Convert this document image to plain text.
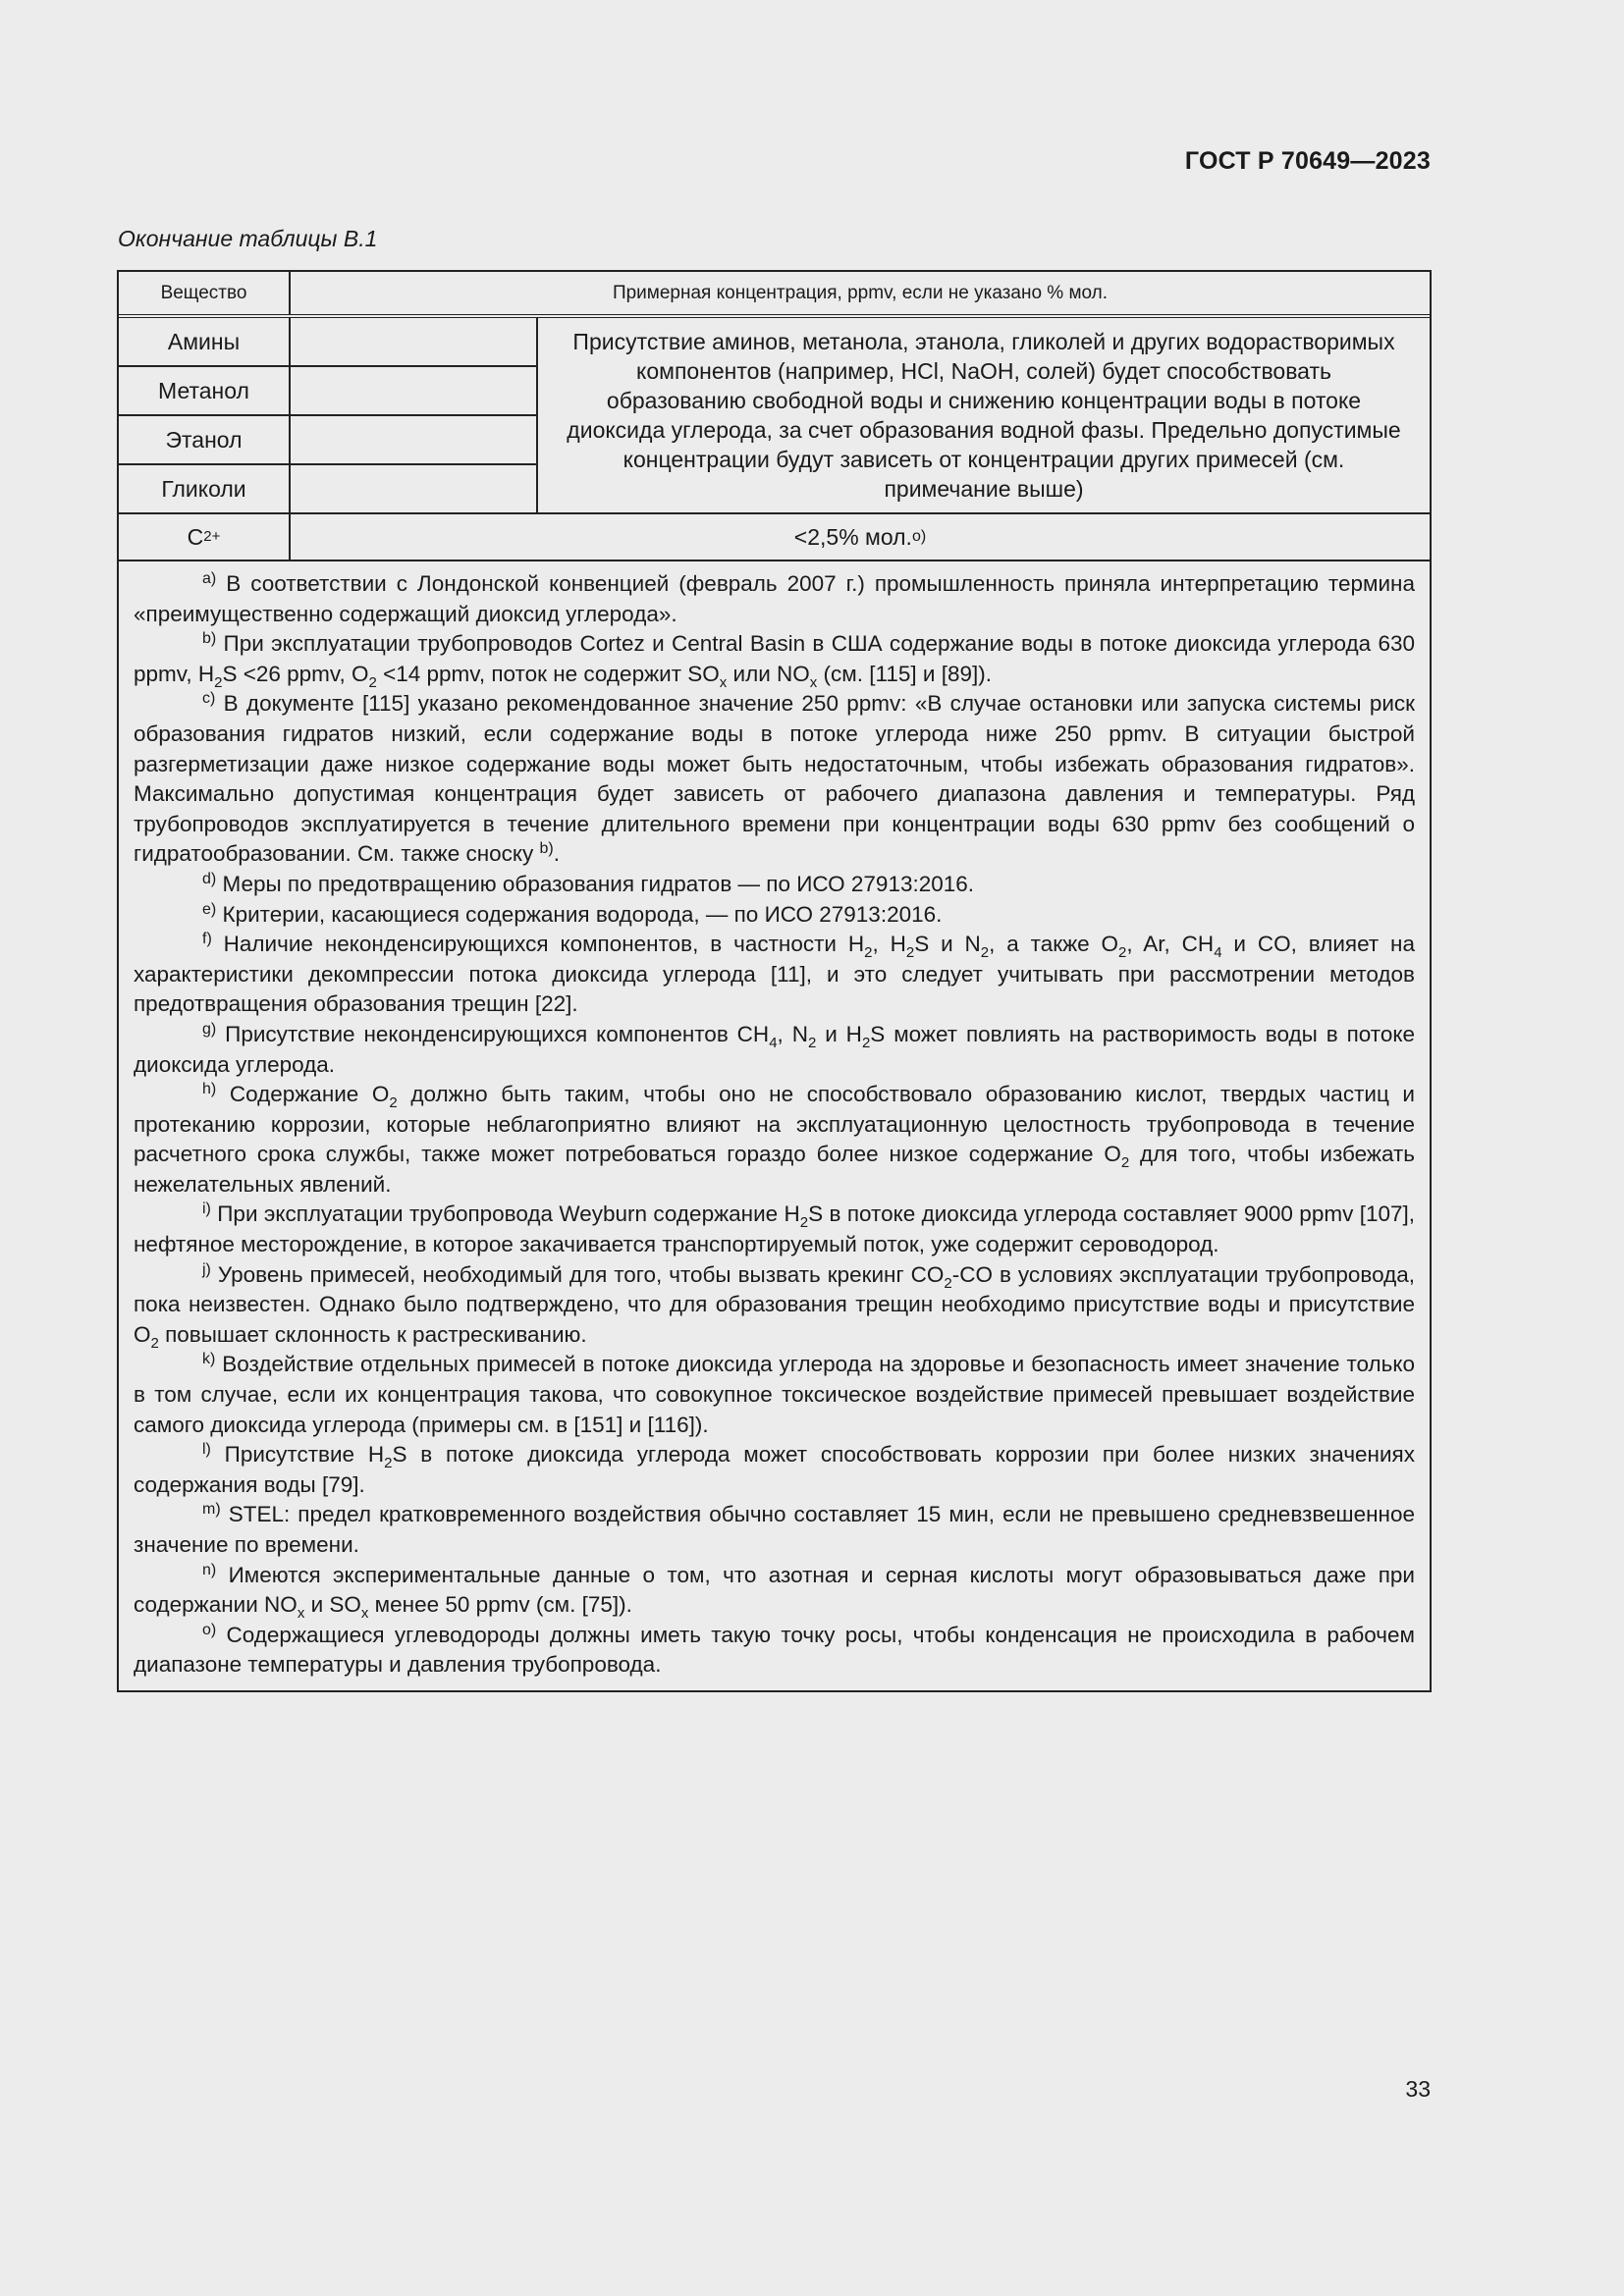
ГОСТ Р 70649—2023
Окончание таблицы В.1
Вещество	Примерная концентрация, ppmv, если не указано % мол.
Амины
Метанол
Этанол
Гликоли
Присутствие аминов, метанола, этанола, гликолей и других водорастворимых компонентов (например, HCl, NaOH, солей) будет способствовать образованию свободной воды и снижению концентрации воды в потоке диоксида углерода, за счет образования водной фазы. Предельно допустимые концентрации будут зависеть от концентрации других примесей (см. примечание выше)
C 2+	<2,5% мол. o)

$^{a)}$ В соответствии с Лондонской конвенцией (февраль 2007 г.) промышленность приняла интерпретацию термина «преимущественно содержащий диоксид углерода».

$^{b)}$ При эксплуатации трубопроводов Cortez и Central Basin в США содержание воды в потоке диоксида углерода 630 ppmv, $H_2S <26$ ppmv, $O_2 <14$ ppmv, поток не содержит $SO_x$ или $NO_x$ (см. [115] и [89]).

$^{c)}$ В документе [115] указано рекомендованное значение 250 ppmv: «В случае остановки или запуска системы риск образования гидратов низкий, если содержание воды в потоке углерода ниже 250 ppmv. В ситуации быстрой разгерметизации даже низкое содержание воды может быть недостаточным, чтобы избежать образования гидратов». Максимально допустимая концентрация будет зависеть от рабочего диапазона давления и температуры. Ряд трубопроводов эксплуатируется в течение длительного времени при концентрации воды 630 ppmv без сообщений о гидратообразовании. См. также сноску $^{b)}$.

$^{d)}$ Меры по предотвращению образования гидратов — по ИСО 27913:2016.

$^{e)}$ Критерии, касающиеся содержания водорода, — по ИСО 27913:2016.

$^{f)}$ Наличие неконденсирующихся компонентов, в частности $H_2$, $H_2S$ и $N_2$, а также $O_2$, Ar, $CH_4$ и CO, влияет на характеристики декомпрессии потока диоксида углерода [11], и это следует учитывать при рассмотрении методов предотвращения образования трещин [22].

$^{g)}$ Присутствие неконденсирующихся компонентов $CH_4$, $N_2$ и $H_2S$ может повлиять на растворимость воды в потоке диоксида углерода.

$^{h)}$ Содержание $O_2$ должно быть таким, чтобы оно не способствовало образованию кислот, твердых частиц и протеканию коррозии, которые неблагоприятно влияют на эксплуатационную целостность трубопровода в течение расчетного срока службы, также может потребоваться гораздо более низкое содержание $O_2$ для того, чтобы избежать нежелательных явлений.

$^{i)}$ При эксплуатации трубопровода Weyburn содержание $H_2S$ в потоке диоксида углерода составляет 9000 ppmv [107], нефтяное месторождение, в которое закачивается транспортируемый поток, уже содержит сероводород.

$^{j)}$ Уровень примесей, необходимый для того, чтобы вызвать крекинг $CO_2-CO$ в условиях эксплуатации трубопровода, пока неизвестен. Однако было подтверждено, что для образования трещин необходимо присутствие воды и присутствие $O_2$ повышает склонность к растрескиванию.

$^{k)}$ Воздействие отдельных примесей в потоке диоксида углерода на здоровье и безопасность имеет значение только в том случае, если их концентрация такова, что совокупное токсическое воздействие примесей превышает воздействие самого диоксида углерода (примеры см. в [151] и [116]).

$^{l)}$ Присутствие $H_2S$ в потоке диоксида углерода может способствовать коррозии при более низких значениях содержания воды [79].

$^{m)}$ STEL: предел кратковременного воздействия обычно составляет 15 мин, если не превышено средневзвешенное значение по времени.

$^{n)}$ Имеются экспериментальные данные о том, что азотная и серная кислоты могут образовываться даже при содержании $NO_x$ и $SO_x$ менее 50 ppmv (см. [75]).

$^{o)}$ Содержащиеся углеводороды должны иметь такую точку росы, чтобы конденсация не происходила в рабочем диапазоне температуры и давления трубопровода.

33
